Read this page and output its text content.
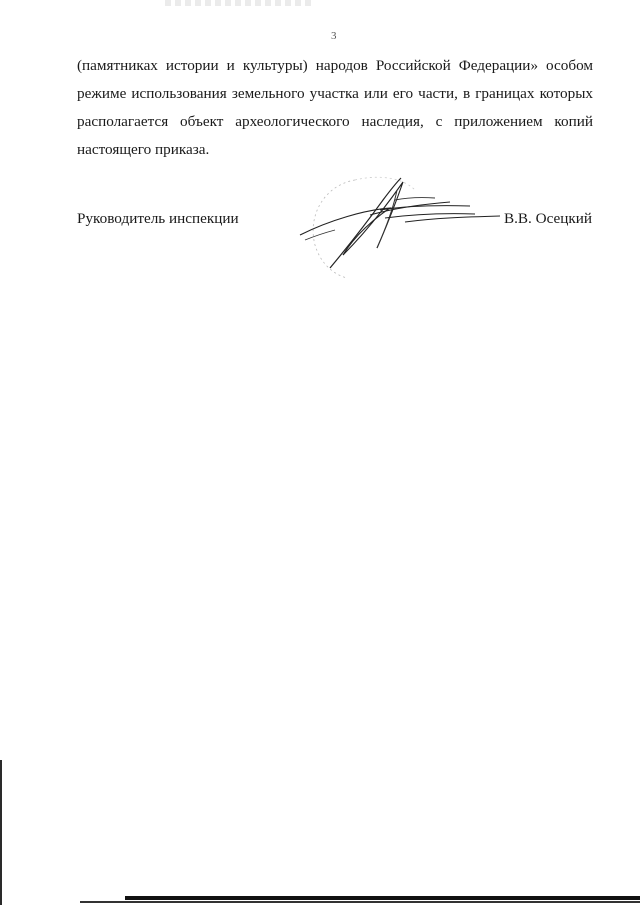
3
(памятниках истории и культуры) народов Российской Федерации» особом
режиме использования земельного участка или его части, в границах которых
располагается объект археологического наследия, с приложением копий
настоящего приказа.
Руководитель инспекции	В.В. Осецкий
